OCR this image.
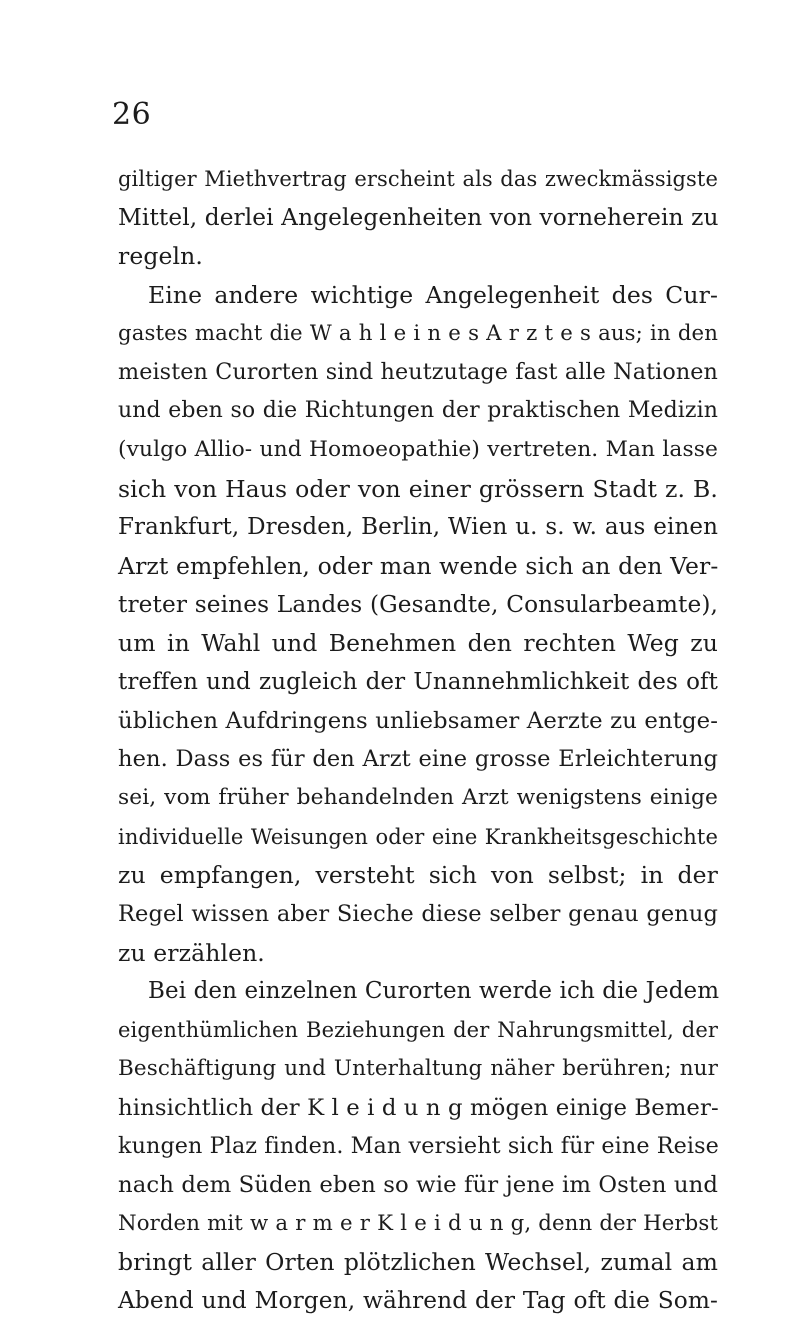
26
giltiger Miethvertrag erscheint als das zweckmässigste
Mittel, derlei Angelegenheiten von vorneherein zu
regeln.
Eine andere wichtige Angelegenheit des Cur-
gastes macht die W a h l e i n e s A r z t e s aus; in den
meisten Curorten sind heutzutage fast alle Nationen
und eben so die Richtungen der praktischen Medizin
(vulgo Allio- und Homoeopathie) vertreten. Man lasse
sich von Haus oder von einer grössern Stadt z. B.
Frankfurt, Dresden, Berlin, Wien u. s. w. aus einen
Arzt empfehlen, oder man wende sich an den Ver-
treter seines Landes (Gesandte, Consularbeamte),
um in Wahl und Benehmen den rechten Weg zu
treffen und zugleich der Unannehmlichkeit des oft
üblichen Aufdringens unliebsamer Aerzte zu entge-
hen. Dass es für den Arzt eine grosse Erleichterung
sei, vom früher behandelnden Arzt wenigstens einige
individuelle Weisungen oder eine Krankheitsgeschichte
zu empfangen, versteht sich von selbst; in der
Regel wissen aber Sieche diese selber genau genug
zu erzählen.
Bei den einzelnen Curorten werde ich die Jedem
eigenthümlichen Beziehungen der Nahrungsmittel, der
Beschäftigung und Unterhaltung näher berühren; nur
hinsichtlich der K l e i d u n g mögen einige Bemer-
kungen Plaz finden. Man versieht sich für eine Reise
nach dem Süden eben so wie für jene im Osten und
Norden mit w a r m e r K l e i d u n g, denn der Herbst
bringt aller Orten plötzlichen Wechsel, zumal am
Abend und Morgen, während der Tag oft die Som-
